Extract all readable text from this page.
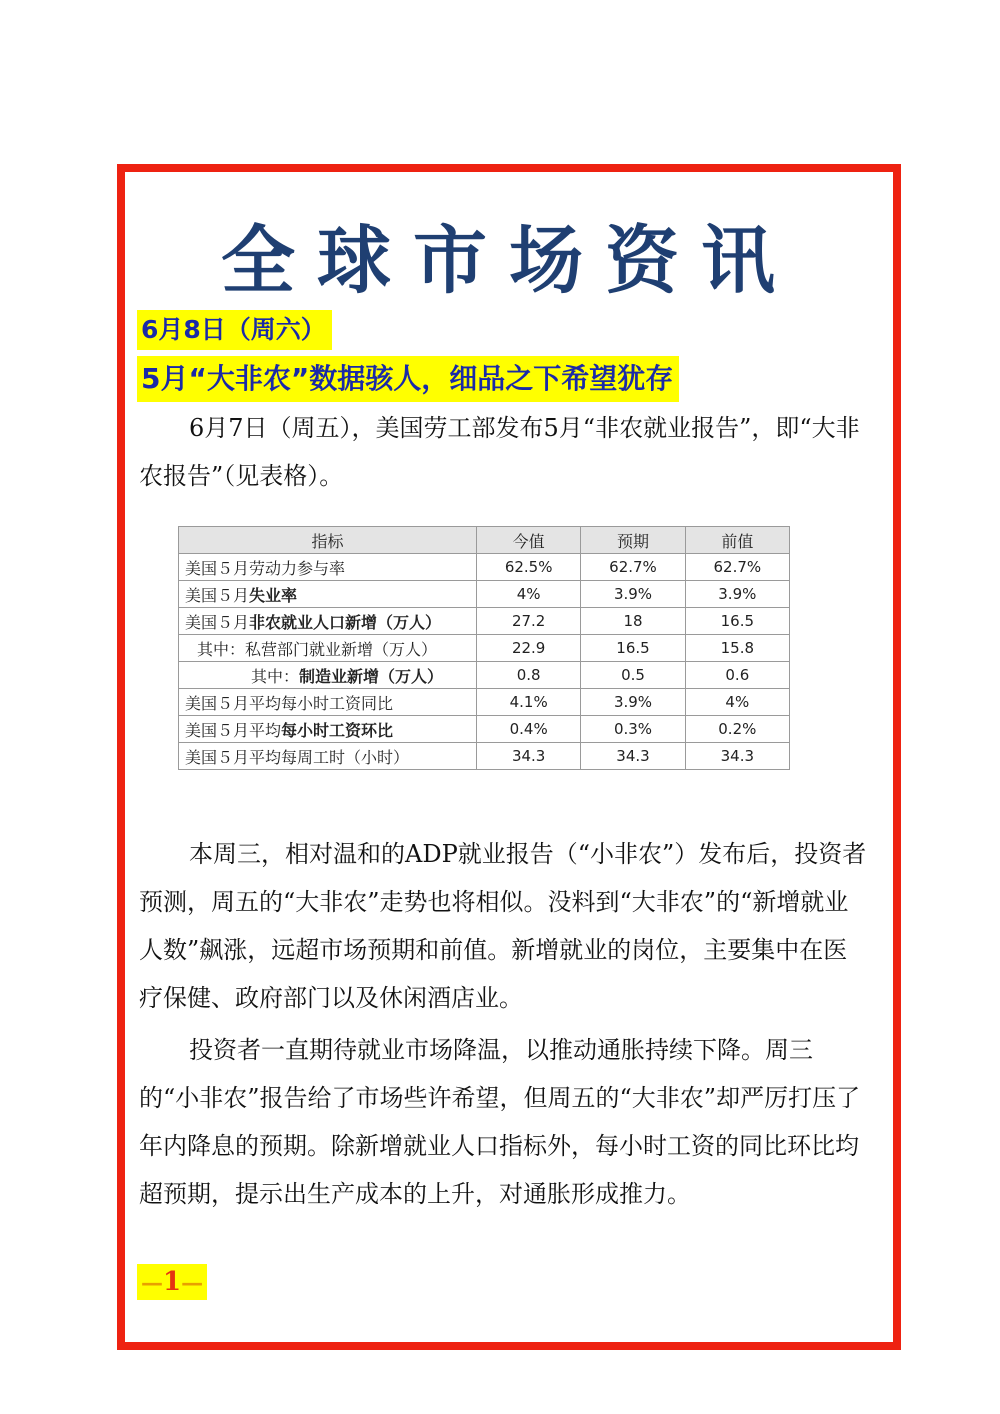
全球市场资讯
6月8日（周六）
5月“大非农”数据骇人，细品之下希望犹存

6月7日（周五），美国劳工部发布5月“非农就业报告”，即“大非农报告”（见表格）。

指标	今值	预期	前值
美国５月劳动力参与率	62.5%	62.7%	62.7%
美国５月失业率	4%	3.9%	3.9%
美国５月非农就业人口新增（万人）	27.2	18	16.5
其中：私营部门就业新增（万人）	22.9	16.5	15.8
其中：制造业新增（万人）	0.8	0.5	0.6
美国５月平均每小时工资同比	4.1%	3.9%	4%
美国５月平均每小时工资环比	0.4%	0.3%	0.2%
美国５月平均每周工时（小时）	34.3	34.3	34.3

本周三，相对温和的ADP就业报告（“小非农”）发布后，投资者预测，周五的“大非农”走势也将相似。没料到“大非农”的“新增就业人数”飙涨，远超市场预期和前值。新增就业的岗位，主要集中在医疗保健、政府部门以及休闲酒店业。

投资者一直期待就业市场降温，以推动通胀持续下降。周三的“小非农”报告给了市场些许希望，但周五的“大非农”却严厉打压了年内降息的预期。除新增就业人口指标外，每小时工资的同比环比均超预期，提示出生产成本的上升，对通胀形成推力。

—1—
